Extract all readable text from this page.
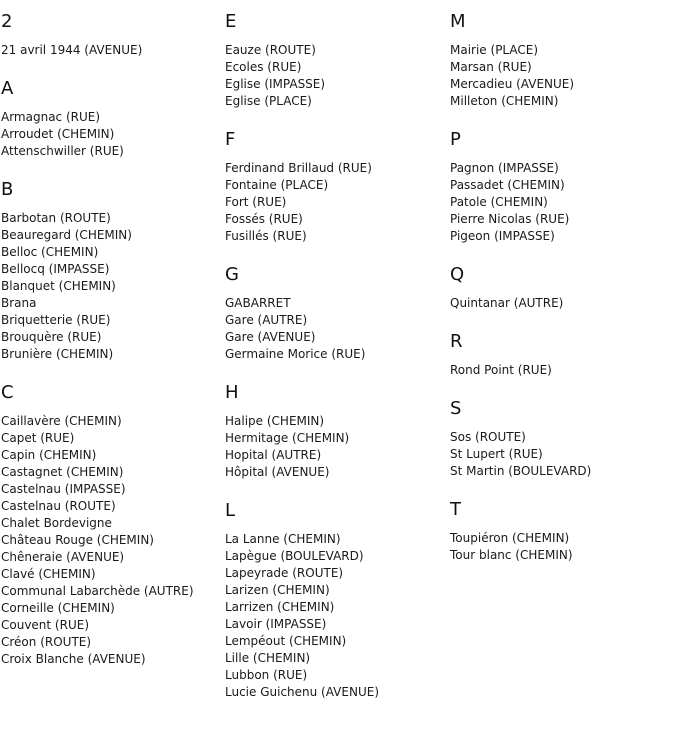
2
21 avril 1944 (AVENUE)
A
Armagnac (RUE)
Arroudet (CHEMIN)
Attenschwiller (RUE)
B
Barbotan (ROUTE)
Beauregard (CHEMIN)
Belloc (CHEMIN)
Bellocq (IMPASSE)
Blanquet (CHEMIN)
Brana
Briquetterie (RUE)
Brouquère (RUE)
Brunière (CHEMIN)
C
Caillavère (CHEMIN)
Capet (RUE)
Capin (CHEMIN)
Castagnet (CHEMIN)
Castelnau (IMPASSE)
Castelnau (ROUTE)
Chalet Bordevigne
Château Rouge (CHEMIN)
Chêneraie (AVENUE)
Clavé (CHEMIN)
Communal Labarchède (AUTRE)
Corneille (CHEMIN)
Couvent (RUE)
Créon (ROUTE)
Croix Blanche (AVENUE)
E
Eauze (ROUTE)
Ecoles (RUE)
Eglise (IMPASSE)
Eglise (PLACE)
F
Ferdinand Brillaud (RUE)
Fontaine (PLACE)
Fort (RUE)
Fossés (RUE)
Fusillés (RUE)
G
GABARRET
Gare (AUTRE)
Gare (AVENUE)
Germaine Morice (RUE)
H
Halipe (CHEMIN)
Hermitage (CHEMIN)
Hopital (AUTRE)
Hôpital (AVENUE)
L
La Lanne (CHEMIN)
Lapègue (BOULEVARD)
Lapeyrade (ROUTE)
Larizen (CHEMIN)
Larrizen (CHEMIN)
Lavoir (IMPASSE)
Lempéout (CHEMIN)
Lille (CHEMIN)
Lubbon (RUE)
Lucie Guichenu (AVENUE)
M
Mairie (PLACE)
Marsan (RUE)
Mercadieu (AVENUE)
Milleton (CHEMIN)
P
Pagnon (IMPASSE)
Passadet (CHEMIN)
Patole (CHEMIN)
Pierre Nicolas (RUE)
Pigeon (IMPASSE)
Q
Quintanar (AUTRE)
R
Rond Point (RUE)
S
Sos (ROUTE)
St Lupert (RUE)
St Martin (BOULEVARD)
T
Toupiéron (CHEMIN)
Tour blanc (CHEMIN)
